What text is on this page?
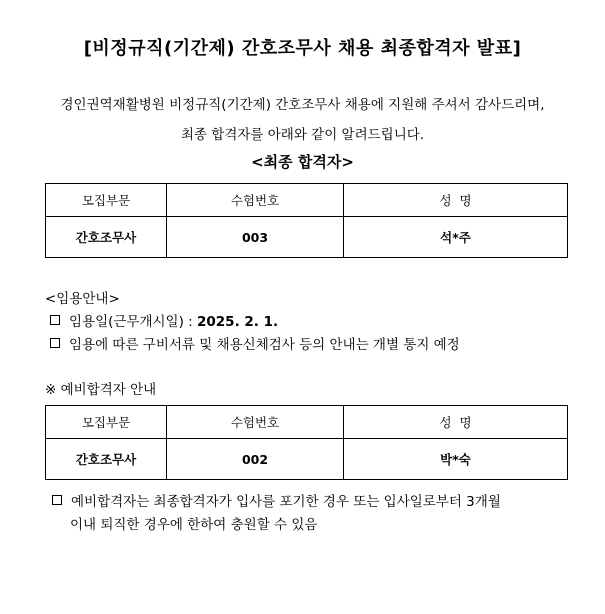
[비정규직(기간제) 간호조무사 채용 최종합격자 발표]
경인권역재활병원 비정규직(기간제) 간호조무사 채용에 지원해 주셔서 감사드리며,
최종 합격자를 아래와 같이 알려드립니다.
<최종 합격자>
모집부문	수험번호	성  명
간호조무사	003	석*주
<임용안내>
임용일(근무개시일) : 2025. 2. 1.
임용에 따른 구비서류 및 채용신체검사 등의 안내는 개별 통지 예정
※ 예비합격자 안내
모집부문	수험번호	성  명
간호조무사	002	박*숙
예비합격자는 최종합격자가 입사를 포기한 경우 또는 입사일로부터 3개월
이내 퇴직한 경우에 한하여 충원할 수 있음
